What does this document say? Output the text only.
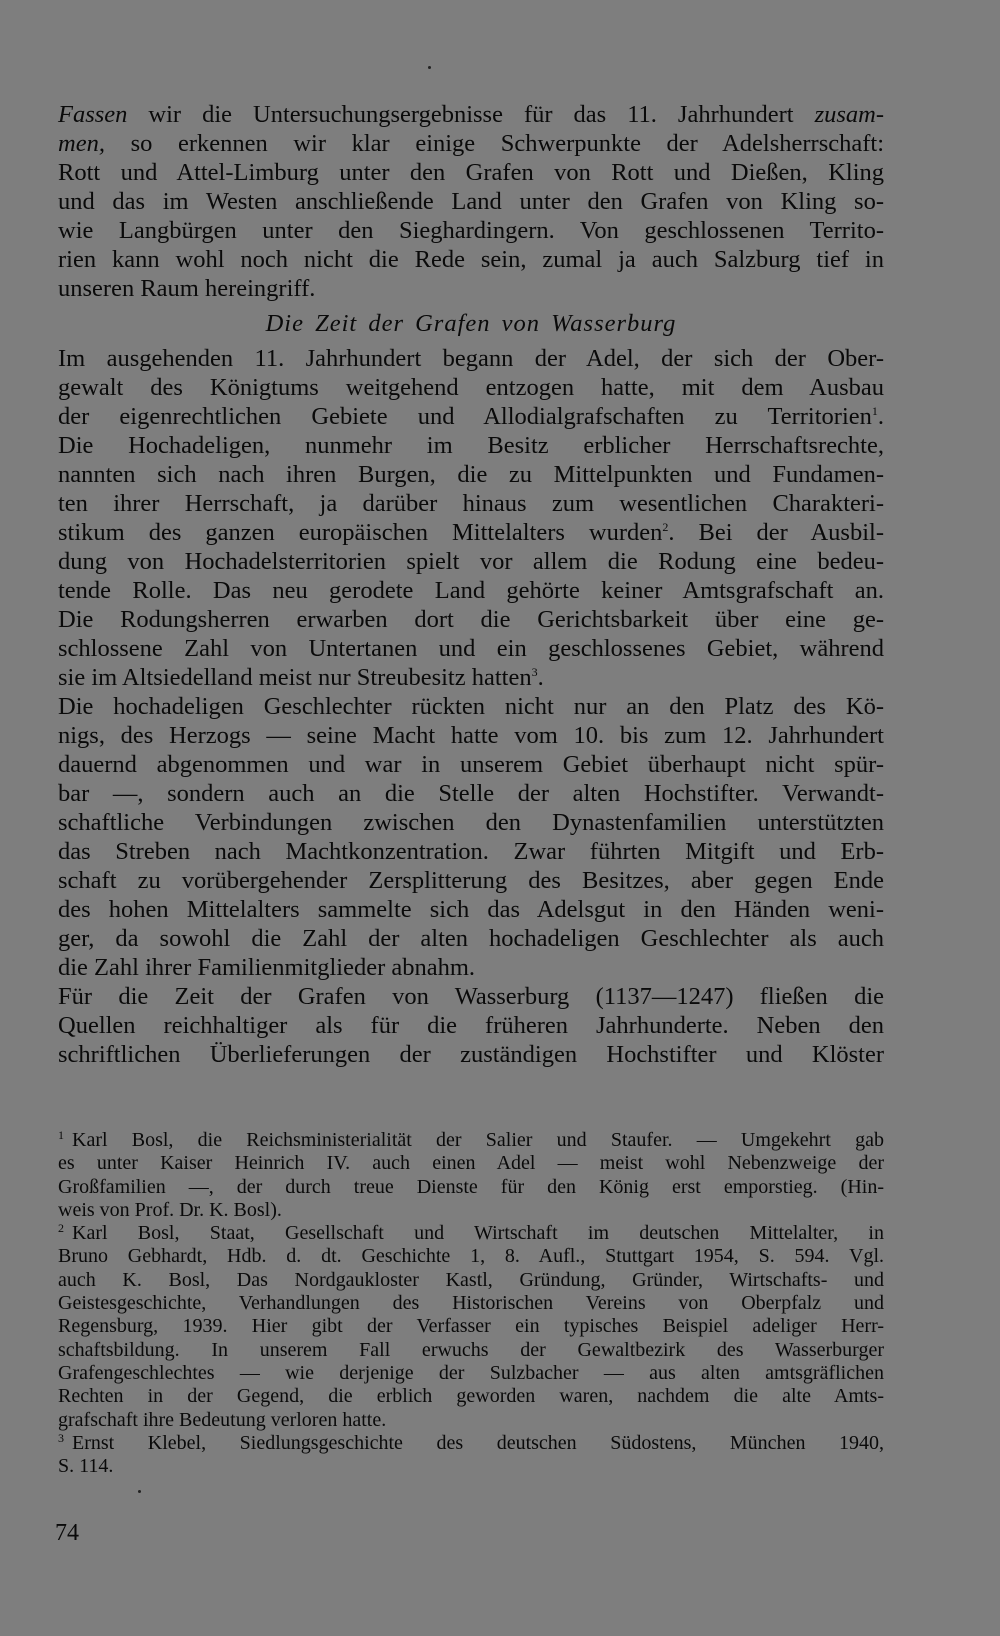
Fassen wir die Untersuchungsergebnisse für das 11. Jahrhundert zusam-
men, so erkennen wir klar einige Schwerpunkte der Adelsherrschaft:
Rott und Attel-Limburg unter den Grafen von Rott und Dießen, Kling
und das im Westen anschließende Land unter den Grafen von Kling so-
wie Langbürgen unter den Sieghardingern. Von geschlossenen Territo-
rien kann wohl noch nicht die Rede sein, zumal ja auch Salzburg tief in
unseren Raum hereingriff.
Die Zeit der Grafen von Wasserburg
Im ausgehenden 11. Jahrhundert begann der Adel, der sich der Ober-
gewalt des Königtums weitgehend entzogen hatte, mit dem Ausbau
der eigenrechtlichen Gebiete und Allodialgrafschaften zu Territorien$^1$.
Die Hochadeligen, nunmehr im Besitz erblicher Herrschaftsrechte,
nannten sich nach ihren Burgen, die zu Mittelpunkten und Fundamen-
ten ihrer Herrschaft, ja darüber hinaus zum wesentlichen Charakteri-
stikum des ganzen europäischen Mittelalters wurden$^2$. Bei der Ausbil-
dung von Hochadelsterritorien spielt vor allem die Rodung eine bedeu-
tende Rolle. Das neu gerodete Land gehörte keiner Amtsgrafschaft an.
Die Rodungsherren erwarben dort die Gerichtsbarkeit über eine ge-
schlossene Zahl von Untertanen und ein geschlossenes Gebiet, während
sie im Altsiedelland meist nur Streubesitz hatten$^3$.
Die hochadeligen Geschlechter rückten nicht nur an den Platz des Kö-
nigs, des Herzogs — seine Macht hatte vom 10. bis zum 12. Jahrhundert
dauernd abgenommen und war in unserem Gebiet überhaupt nicht spür-
bar —, sondern auch an die Stelle der alten Hochstifter. Verwandt-
schaftliche Verbindungen zwischen den Dynastenfamilien unterstützten
das Streben nach Machtkonzentration. Zwar führten Mitgift und Erb-
schaft zu vorübergehender Zersplitterung des Besitzes, aber gegen Ende
des hohen Mittelalters sammelte sich das Adelsgut in den Händen weni-
ger, da sowohl die Zahl der alten hochadeligen Geschlechter als auch
die Zahl ihrer Familienmitglieder abnahm.
Für die Zeit der Grafen von Wasserburg (1137—1247) fließen die
Quellen reichhaltiger als für die früheren Jahrhunderte. Neben den
schriftlichen Überlieferungen der zuständigen Hochstifter und Klöster
$^1$ Karl Bosl, die Reichsministerialität der Salier und Staufer. — Umgekehrt gab
es unter Kaiser Heinrich IV. auch einen Adel — meist wohl Nebenzweige der
Großfamilien —, der durch treue Dienste für den König erst emporstieg. (Hin-
weis von Prof. Dr. K. Bosl).
$^2$ Karl Bosl, Staat, Gesellschaft und Wirtschaft im deutschen Mittelalter, in
Bruno Gebhardt, Hdb. d. dt. Geschichte 1, 8. Aufl., Stuttgart 1954, S. 594. Vgl.
auch K. Bosl, Das Nordgaukloster Kastl, Gründung, Gründer, Wirtschafts- und
Geistesgeschichte, Verhandlungen des Historischen Vereins von Oberpfalz und
Regensburg, 1939. Hier gibt der Verfasser ein typisches Beispiel adeliger Herr-
schaftsbildung. In unserem Fall erwuchs der Gewaltbezirk des Wasserburger
Grafengeschlechtes — wie derjenige der Sulzbacher — aus alten amtsgräflichen
Rechten in der Gegend, die erblich geworden waren, nachdem die alte Amts-
grafschaft ihre Bedeutung verloren hatte.
$^3$ Ernst Klebel, Siedlungsgeschichte des deutschen Südostens, München 1940,
S. 114.
74
